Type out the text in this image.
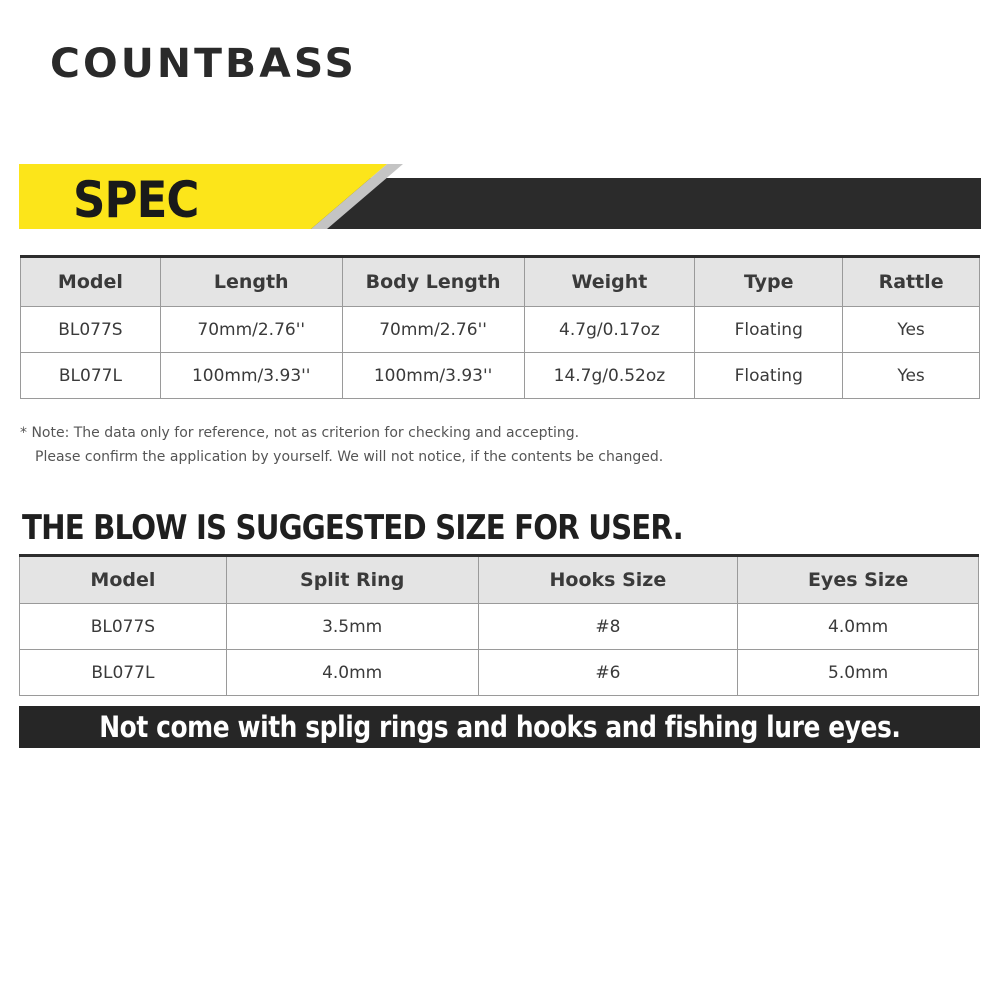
COUNTBASS
SPEC
Model	Length	Body Length	Weight	Type	Rattle
BL077S	70mm/2.76''	70mm/2.76''	4.7g/0.17oz	Floating	Yes
BL077L	100mm/3.93''	100mm/3.93''	14.7g/0.52oz	Floating	Yes
* Note: The data only for reference, not as criterion for checking and accepting.
Please confirm the application by yourself. We will not notice, if the contents be changed.
THE BLOW IS SUGGESTED SIZE FOR USER.
Model	Split Ring	Hooks Size	Eyes Size
BL077S	3.5mm	#8	4.0mm
BL077L	4.0mm	#6	5.0mm
Not come with splig rings and hooks and fishing lure eyes.
